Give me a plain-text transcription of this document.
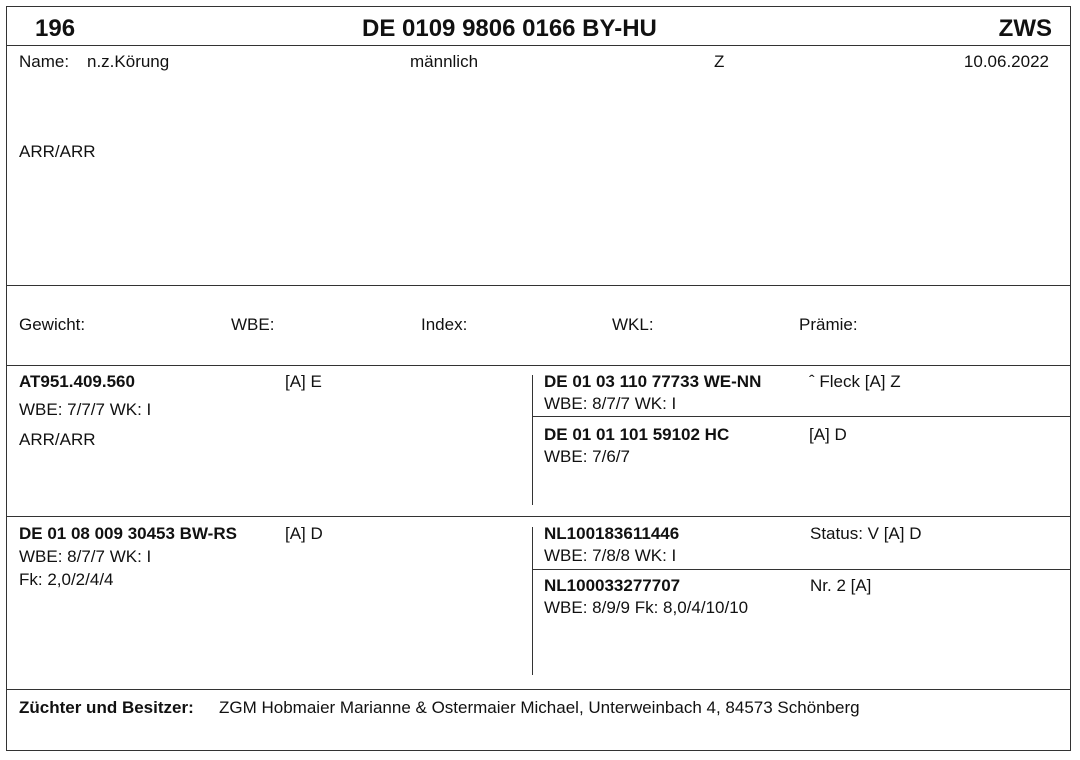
196	DE 0109 9806 0166 BY-HU	ZWS
Name: n.z.Körung	männlich	Z	10.06.2022
ARR/ARR
Gewicht:	WBE:	Index:	WKL:	Prämie:
AT951.409.560	[A] E
WBE: 7/7/7 WK: I
ARR/ARR
DE 01 03 110 77733 WE-NN	ˆ Fleck [A] Z
WBE: 8/7/7 WK: I
DE 01 01 101 59102 HC	[A] D
WBE: 7/6/7
DE 01 08 009 30453 BW-RS	[A] D
WBE: 8/7/7 WK: I
Fk: 2,0/2/4/4
NL100183611446	Status: V [A] D
WBE: 7/8/8 WK: I
NL100033277707	Nr. 2 [A]
WBE: 8/9/9 Fk: 8,0/4/10/10
Züchter und Besitzer: ZGM Hobmaier Marianne & Ostermaier Michael, Unterweinbach 4, 84573 Schönberg
